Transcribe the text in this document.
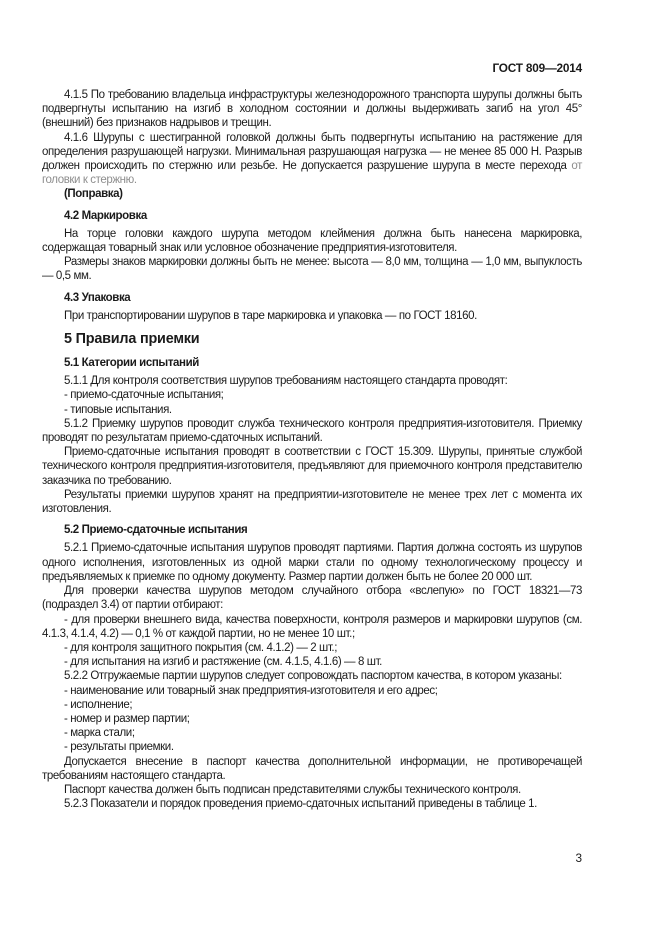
ГОСТ 809—2014
4.1.5 По требованию владельца инфраструктуры железнодорожного транспорта шурупы должны быть подвергнуты испытанию на изгиб в холодном состоянии и должны выдерживать загиб на угол 45° (внешний) без признаков надрывов и трещин.
4.1.6 Шурупы с шестигранной головкой должны быть подвергнуты испытанию на растяжение для определения разрушающей нагрузки. Минимальная разрушающая нагрузка — не менее 85 000 Н. Разрыв должен происходить по стержню или резьбе. Не допускается разрушение шурупа в месте перехода от головки к стержню.
(Поправка)
4.2 Маркировка
На торце головки каждого шурупа методом клеймения должна быть нанесена маркировка, содержащая товарный знак или условное обозначение предприятия-изготовителя.
Размеры знаков маркировки должны быть не менее: высота — 8,0 мм, толщина — 1,0 мм, выпуклость — 0,5 мм.
4.3 Упаковка
При транспортировании шурупов в таре маркировка и упаковка — по ГОСТ 18160.
5 Правила приемки
5.1 Категории испытаний
5.1.1 Для контроля соответствия шурупов требованиям настоящего стандарта проводят:
- приемо-сдаточные испытания;
- типовые испытания.
5.1.2 Приемку шурупов проводит служба технического контроля предприятия-изготовителя. Приемку проводят по результатам приемо-сдаточных испытаний.
Приемо-сдаточные испытания проводят в соответствии с ГОСТ 15.309. Шурупы, принятые службой технического контроля предприятия-изготовителя, предъявляют для приемочного контроля представителю заказчика по требованию.
Результаты приемки шурупов хранят на предприятии-изготовителе не менее трех лет с момента их изготовления.
5.2 Приемо-сдаточные испытания
5.2.1 Приемо-сдаточные испытания шурупов проводят партиями. Партия должна состоять из шурупов одного исполнения, изготовленных из одной марки стали по одному технологическому процессу и предъявляемых к приемке по одному документу. Размер партии должен быть не более 20 000 шт.
Для проверки качества шурупов методом случайного отбора «вслепую» по ГОСТ 18321—73 (подраздел 3.4) от партии отбирают:
- для проверки внешнего вида, качества поверхности, контроля размеров и маркировки шурупов (см. 4.1.3, 4.1.4, 4.2) — 0,1 % от каждой партии, но не менее 10 шт.;
- для контроля защитного покрытия (см. 4.1.2) — 2 шт.;
- для испытания на изгиб и растяжение (см. 4.1.5, 4.1.6) — 8 шт.
5.2.2 Отгружаемые партии шурупов следует сопровождать паспортом качества, в котором указаны:
- наименование или товарный знак предприятия-изготовителя и его адрес;
- исполнение;
- номер и размер партии;
- марка стали;
- результаты приемки.
Допускается внесение в паспорт качества дополнительной информации, не противоречащей требованиям настоящего стандарта.
Паспорт качества должен быть подписан представителями службы технического контроля.
5.2.3 Показатели и порядок проведения приемо-сдаточных испытаний приведены в таблице 1.
3
